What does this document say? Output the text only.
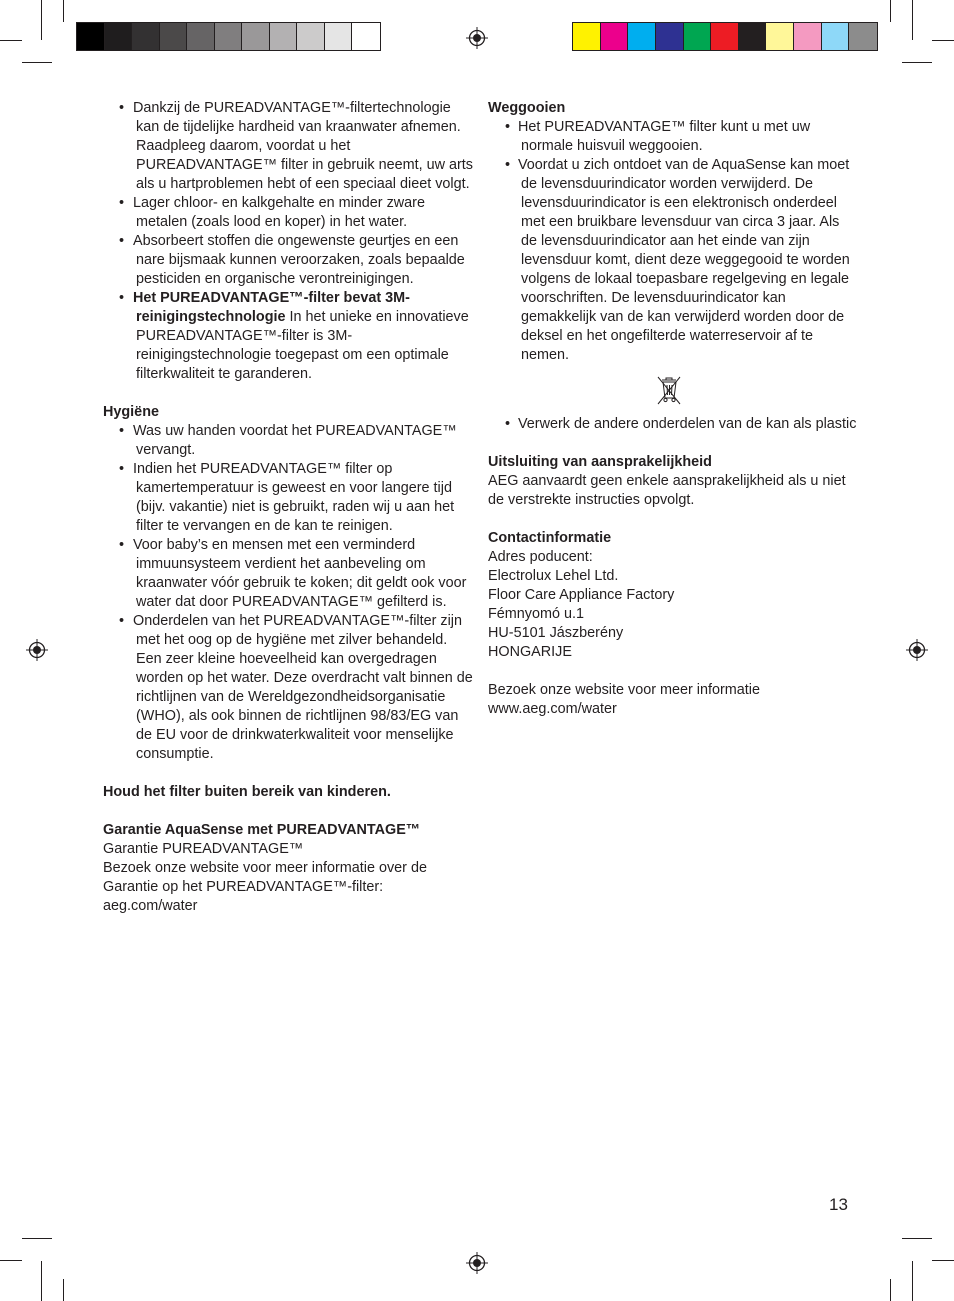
• Dankzij de PUREADVANTAGE™-filtertechnologie kan de tijdelijke hardheid van kraanwater afnemen. Raadpleeg daarom, voordat u het PUREADVANTAGE™ filter in gebruik neemt, uw arts als u hartproblemen hebt of een speciaal dieet volgt.
• Lager chloor- en kalkgehalte en minder zware metalen (zoals lood en koper) in het water.
• Absorbeert stoffen die ongewenste geurtjes en een nare bijsmaak kunnen veroorzaken, zoals bepaalde pesticiden en organische verontreinigingen.
• Het PUREADVANTAGE™-filter bevat 3M-reinigingstechnologie In het unieke en innovatieve PUREADVANTAGE™-filter is 3M-reinigingstechnologie toegepast om een optimale filterkwaliteit te garanderen.

Hygiëne

• Was uw handen voordat het PUREADVANTAGE™ vervangt.
• Indien het PUREADVANTAGE™ filter op kamertemperatuur is geweest en voor langere tijd (bijv. vakantie) niet is gebruikt, raden wij u aan het filter te vervangen en de kan te reinigen.
• Voor baby’s en mensen met een verminderd immuunsysteem verdient het aanbeveling om kraanwater vóór gebruik te koken; dit geldt ook voor water dat door PUREADVANTAGE™ gefilterd is.
• Onderdelen van het PUREADVANTAGE™-filter zijn met het oog op de hygiëne met zilver behandeld. Een zeer kleine hoeveelheid kan overgedragen worden op het water. Deze overdracht valt binnen de richtlijnen van de Wereldgezondheidsorganisatie (WHO), als ook binnen de richtlijnen 98/83/EG van de EU voor de drinkwaterkwaliteit voor menselijke consumptie.

Houd het filter buiten bereik van kinderen.

Garantie AquaSense met PUREADVANTAGE™

Garantie PUREADVANTAGE™

Bezoek onze website voor meer informatie over de Garantie op het PUREADVANTAGE™-filter: aeg.com/water

Weggooien

• Het PUREADVANTAGE™ filter kunt u met uw normale huisvuil weggooien.
• Voordat u zich ontdoet van de AquaSense kan moet de levensduurindicator worden verwijderd. De levensduurindicator is een elektronisch onderdeel met een bruikbare levensduur van circa 3 jaar. Als de levensduurindicator aan het einde van zijn levensduur komt, dient deze weggegooid te worden volgens de lokaal toepasbare regelgeving en legale voorschriften. De levensduurindicator kan gemakkelijk van de kan verwijderd worden door de deksel en het ongefilterde waterreservoir af te nemen.
• Verwerk de andere onderdelen van de kan als plastic

Uitsluiting van aansprakelijkheid

AEG aanvaardt geen enkele aansprakelijkheid als u niet de verstrekte instructies opvolgt.

Contactinformatie

Adres poducent:

Electrolux Lehel Ltd.

Floor Care Appliance Factory

Fémnyomó u.1

HU-5101 Jászberény

HONGARIJE

Bezoek onze website voor meer informatie

www.aeg.com/water

13
